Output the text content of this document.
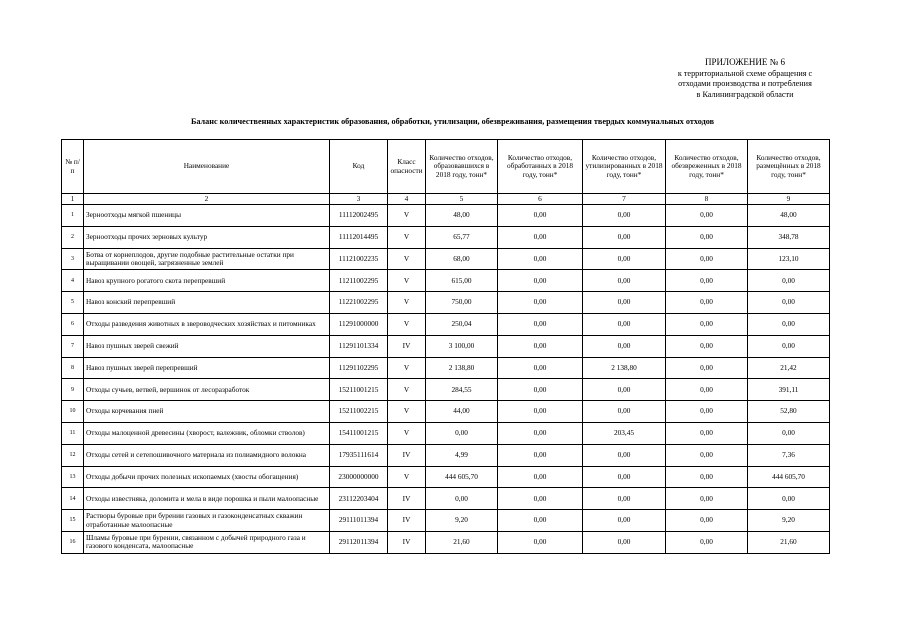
ПРИЛОЖЕНИЕ № 6
к территориальной схеме обращения с
отходами производства и потребления
в Калининградской области
Баланс количественных характеристик образования, обработки, утилизации, обезвреживания, размещения твердых коммунальных отходов
№ п/п	Наименование	Код	Класс опасности	Количество отходов, образовавшихся в 2018 году, тонн*	Количество отходов, обработанных в 2018 году, тонн*	Количество отходов, утилизированных в 2018 году, тонн*	Количество отходов, обезвреженных в 2018 году, тонн*	Количество отходов, размещённых в 2018 году, тонн*
1	2	3	4	5	6	7	8	9
1	Зерноотходы мягкой пшеницы	11112002495	V	48,00	0,00	0,00	0,00	48,00
2	Зерноотходы прочих зерновых культур	11112014495	V	65,77	0,00	0,00	0,00	348,78
3	Ботва от корнеплодов, другие подобные растительные остатки при выращивании овощей, загрязненные землей	11121002235	V	68,00	0,00	0,00	0,00	123,10
4	Навоз крупного рогатого скота перепревший	11211002295	V	615,00	0,00	0,00	0,00	0,00
5	Навоз конский перепревший	11221002295	V	750,00	0,00	0,00	0,00	0,00
6	Отходы разведения животных в звероводческих хозяйствах и питомниках	11291000000	V	250,04	0,00	0,00	0,00	0,00
7	Навоз пушных зверей свежий	11291101334	IV	3 100,00	0,00	0,00	0,00	0,00
8	Навоз пушных зверей перепревший	11291102295	V	2 138,80	0,00	2 138,80	0,00	21,42
9	Отходы сучьев, ветвей, вершинок от лесоразработок	15211001215	V	284,55	0,00	0,00	0,00	391,11
10	Отходы корчевания пней	15211002215	V	44,00	0,00	0,00	0,00	52,80
11	Отходы малоценной древесины (хворост, валежник, обломки стволов)	15411001215	V	0,00	0,00	203,45	0,00	0,00
12	Отходы сетей и сетепошивочного материала из полиамидного волокна	17935111614	IV	4,99	0,00	0,00	0,00	7,36
13	Отходы добычи прочих полезных ископаемых (хвосты обогащения)	23000000000	V	444 605,70	0,00	0,00	0,00	444 605,70
14	Отходы известняка, доломита и мела в виде порошка и пыли малоопасные	23112203404	IV	0,00	0,00	0,00	0,00	0,00
15	Растворы буровые при бурении газовых и газоконденсатных скважин отработанные малоопасные	29111011394	IV	9,20	0,00	0,00	0,00	9,20
16	Шламы буровые при бурении, связанном с добычей природного газа и газового конденсата, малоопасные	29112011394	IV	21,60	0,00	0,00	0,00	21,60
